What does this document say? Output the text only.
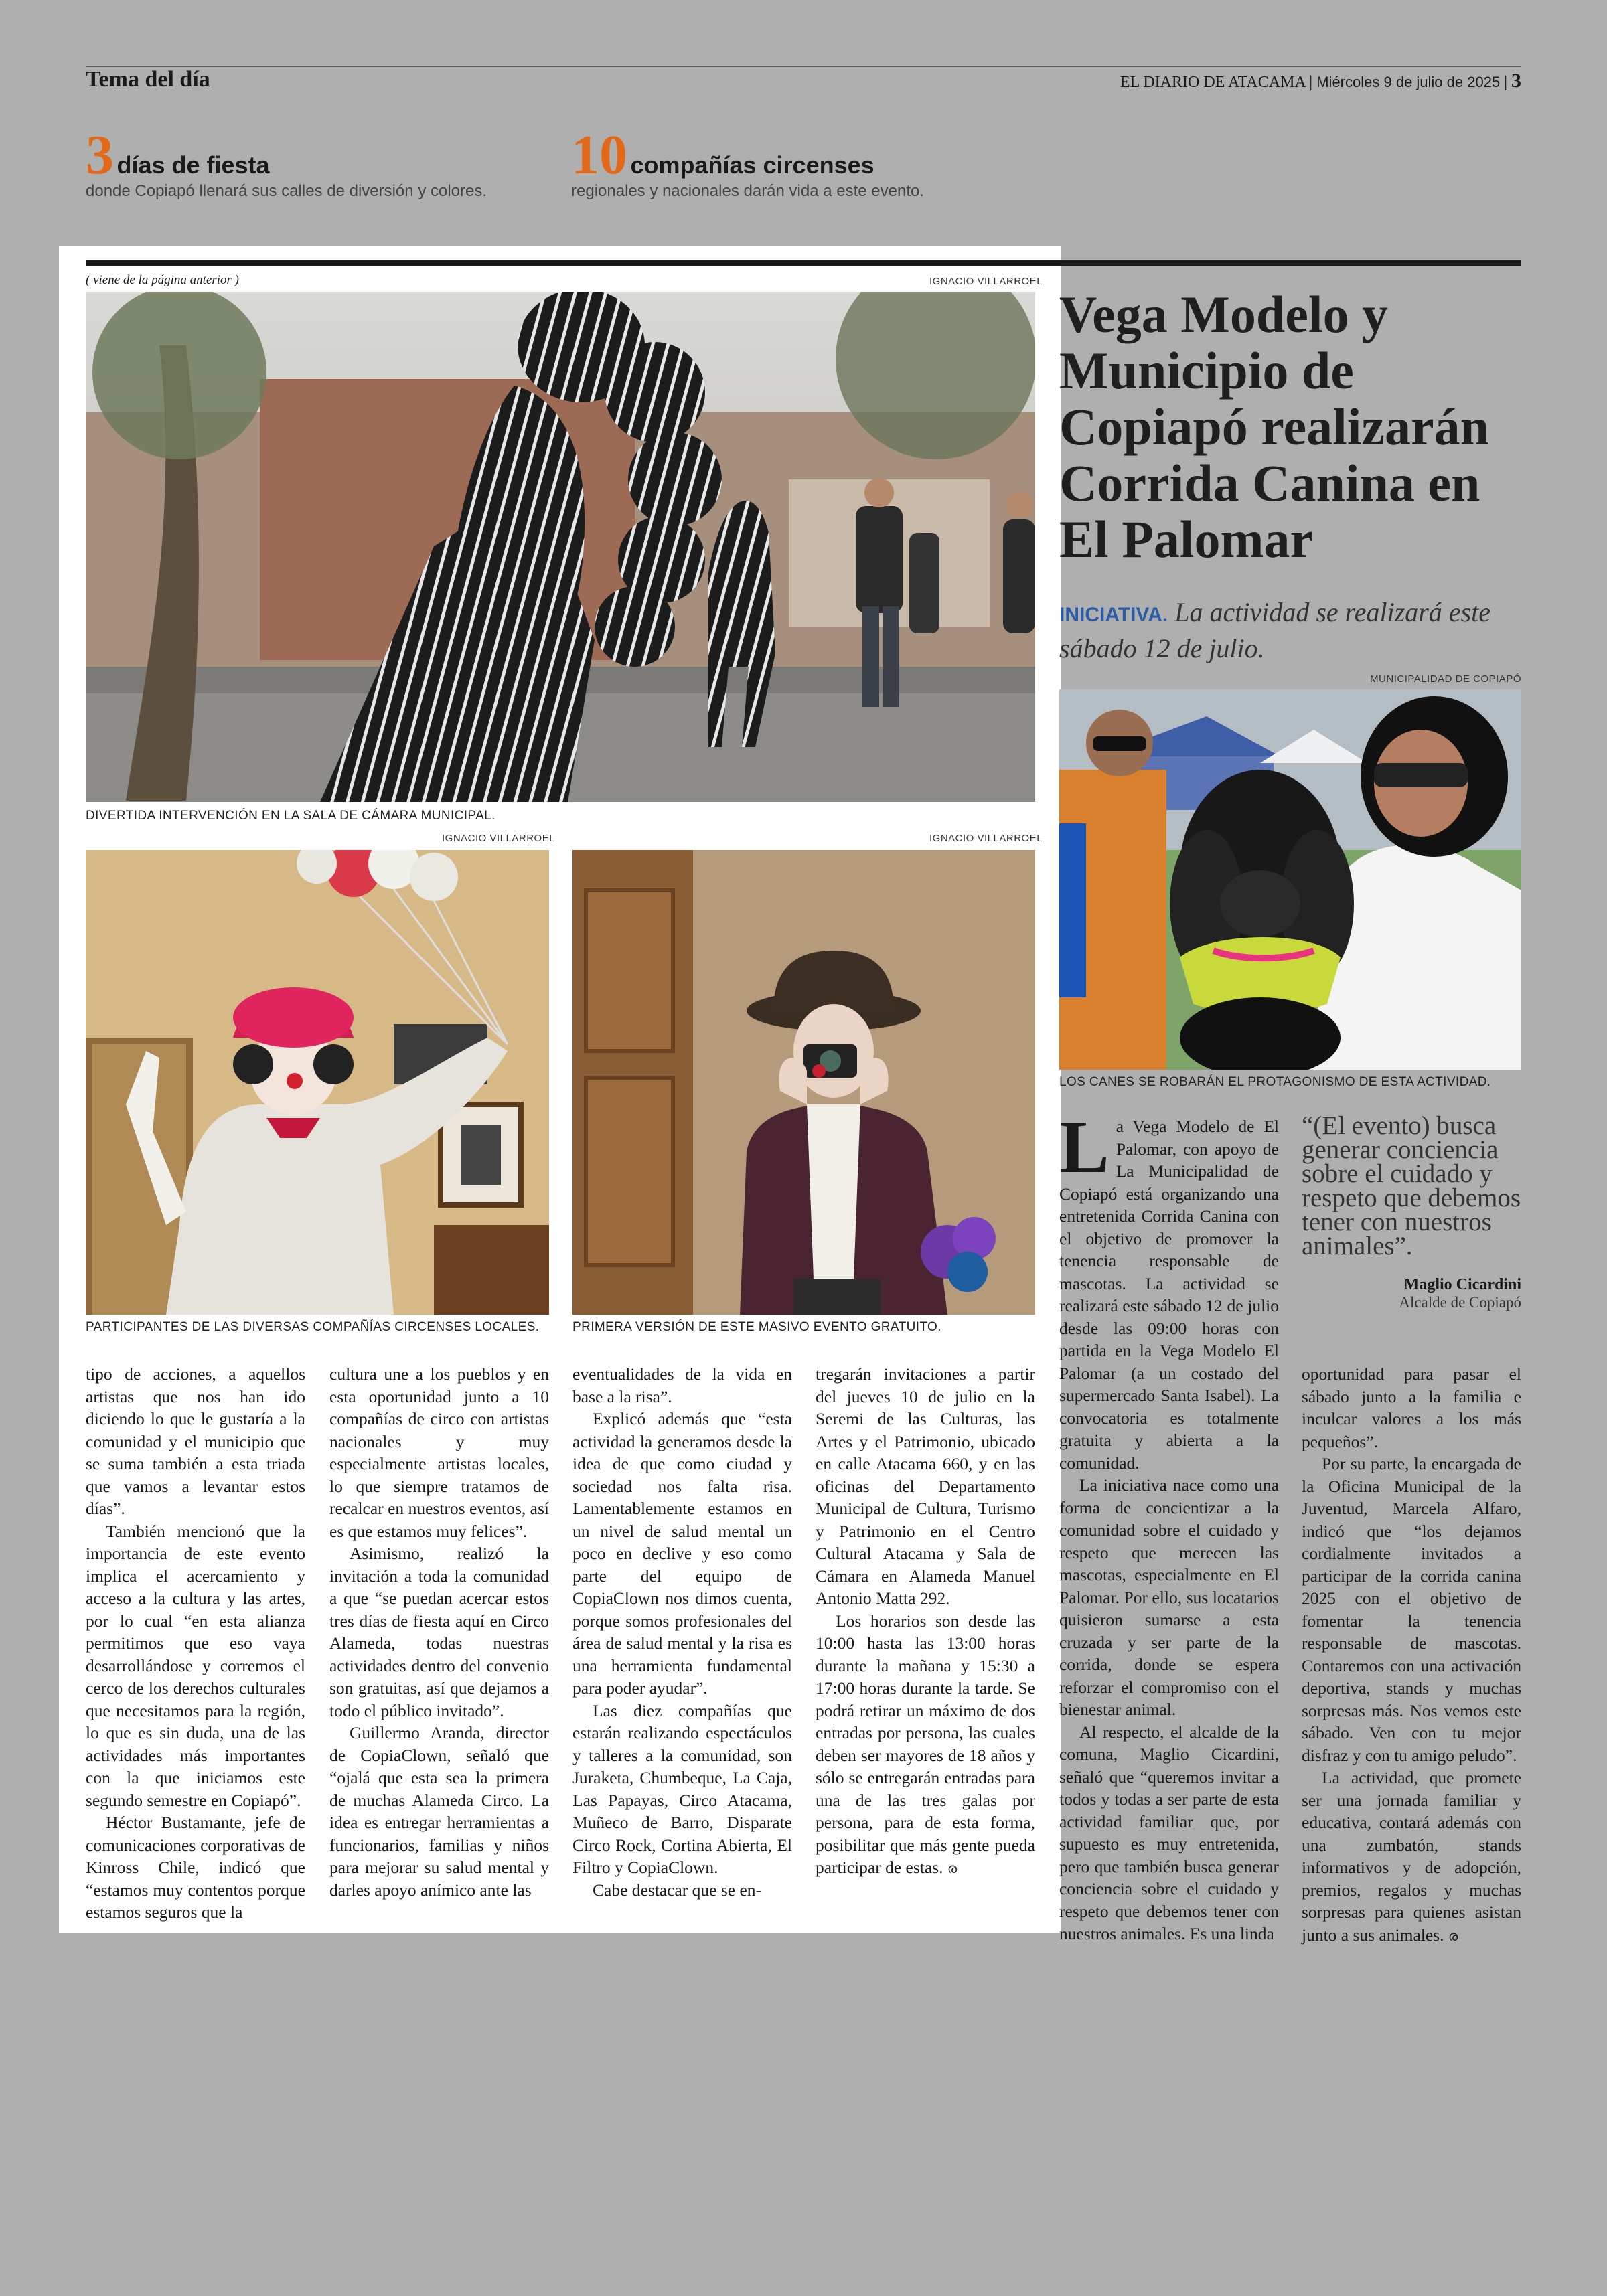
Tema del día	EL DIARIO DE ATACAMA | Miércoles 9 de julio de 2025 | 3
3 días de fiesta
donde Copiapó llenará sus calles de diversión y colores.
10 compañías circenses
regionales y nacionales darán vida a este evento.
( viene de la página anterior )	IGNACIO VILLARROEL
DIVERTIDA INTERVENCIÓN EN LA SALA DE CÁMARA MUNICIPAL.
IGNACIO VILLARROEL
PARTICIPANTES DE LAS DIVERSAS COMPAÑÍAS CIRCENSES LOCALES.
IGNACIO VILLARROEL
PRIMERA VERSIÓN DE ESTE MASIVO EVENTO GRATUITO.

tipo de acciones, a aquellos artistas que nos han ido diciendo lo que le gustaría a la comunidad y el municipio que se suma también a esta triada que vamos a levantar estos días”.

También mencionó que la importancia de este evento implica el acercamiento y acceso a la cultura y las artes, por lo cual “en esta alianza permitimos que eso vaya desarrollándose y corremos el cerco de los derechos culturales que necesitamos para la región, lo que es sin duda, una de las actividades más importantes con la que iniciamos este segundo semestre en Copiapó”.

Héctor Bustamante, jefe de comunicaciones corporativas de Kinross Chile, indicó que “estamos muy contentos porque estamos seguros que la

cultura une a los pueblos y en esta oportunidad junto a 10 compañías de circo con artistas nacionales y muy especialmente artistas locales, lo que siempre tratamos de recalcar en nuestros eventos, así es que estamos muy felices”.

Asimismo, realizó la invitación a toda la comunidad a que “se puedan acercar estos tres días de fiesta aquí en Circo Alameda, todas nuestras actividades dentro del convenio son gratuitas, así que dejamos a todo el público invitado”.

Guillermo Aranda, director de CopiaClown, señaló que “ojalá que esta sea la primera de muchas Alameda Circo. La idea es entregar herramientas a funcionarios, familias y niños para mejorar su salud mental y darles apoyo anímico ante las

eventualidades de la vida en base a la risa”.

Explicó además que “esta actividad la generamos desde la idea de que como ciudad y sociedad nos falta risa. Lamentablemente estamos en un nivel de salud mental un poco en declive y eso como parte del equipo de CopiaClown nos dimos cuenta, porque somos profesionales del área de salud mental y la risa es una herramienta fundamental para poder ayudar”.

Las diez compañías que estarán realizando espectáculos y talleres a la comunidad, son Juraketa, Chumbeque, La Caja, Las Papayas, Circo Atacama, Muñeco de Barro, Disparate Circo Rock, Cortina Abierta, El Filtro y CopiaClown.

Cabe destacar que se en-

tregarán invitaciones a partir del jueves 10 de julio en la Seremi de las Culturas, las Artes y el Patrimonio, ubicado en calle Atacama 660, y en las oficinas del Departamento Municipal de Cultura, Turismo y Patrimonio en el Centro Cultural Atacama y Sala de Cámara en Alameda Manuel Antonio Matta 292.

Los horarios son desde las 10:00 hasta las 13:00 horas durante la mañana y 15:30 a 17:00 horas durante la tarde. Se podrá retirar un máximo de dos entradas por persona, las cuales deben ser mayores de 18 años y sólo se entregarán entradas para una de las tres galas por persona, para de esta forma, posibilitar que más gente pueda participar de estas. ര

Vega Modelo y Municipio de Copiapó realizarán Corrida Canina en El Palomar
INICIATIVA. La actividad se realizará este sábado 12 de julio.
MUNICIPALIDAD DE COPIAPÓ
LOS CANES SE ROBARÁN EL PROTAGONISMO DE ESTA ACTIVIDAD.

La Vega Modelo de El Palomar, con apoyo de La Municipalidad de Copiapó está organizando una entretenida Corrida Canina con el objetivo de promover la tenencia responsable de mascotas. La actividad se realizará este sábado 12 de julio desde las 09:00 horas con partida en la Vega Modelo El Palomar (a un costado del supermercado Santa Isabel). La convocatoria es totalmente gratuita y abierta a la comunidad.

La iniciativa nace como una forma de concientizar a la comunidad sobre el cuidado y respeto que merecen las mascotas, especialmente en El Palomar. Por ello, sus locatarios quisieron sumarse a esta cruzada y ser parte de la corrida, donde se espera reforzar el compromiso con el bienestar animal.

Al respecto, el alcalde de la comuna, Maglio Cicardini, señaló que “queremos invitar a todos y todas a ser parte de esta actividad familiar que, por supuesto es muy entretenida, pero que también busca generar conciencia sobre el cuidado y respeto que debemos tener con nuestros animales. Es una linda

“(El evento) busca generar conciencia sobre el cuidado y respeto que debemos tener con nuestros animales”.
Maglio Cicardini
Alcalde de Copiapó

oportunidad para pasar el sábado junto a la familia e inculcar valores a los más pequeños”.

Por su parte, la encargada de la Oficina Municipal de la Juventud, Marcela Alfaro, indicó que “los dejamos cordialmente invitados a participar de la corrida canina 2025 con el objetivo de fomentar la tenencia responsable de mascotas. Contaremos con una activación deportiva, stands y muchas sorpresas más. Nos vemos este sábado. Ven con tu mejor disfraz y con tu amigo peludo”.

La actividad, que promete ser una jornada familiar y educativa, contará además con una zumbatón, stands informativos y de adopción, premios, regalos y muchas sorpresas para quienes asistan junto a sus animales. ര
